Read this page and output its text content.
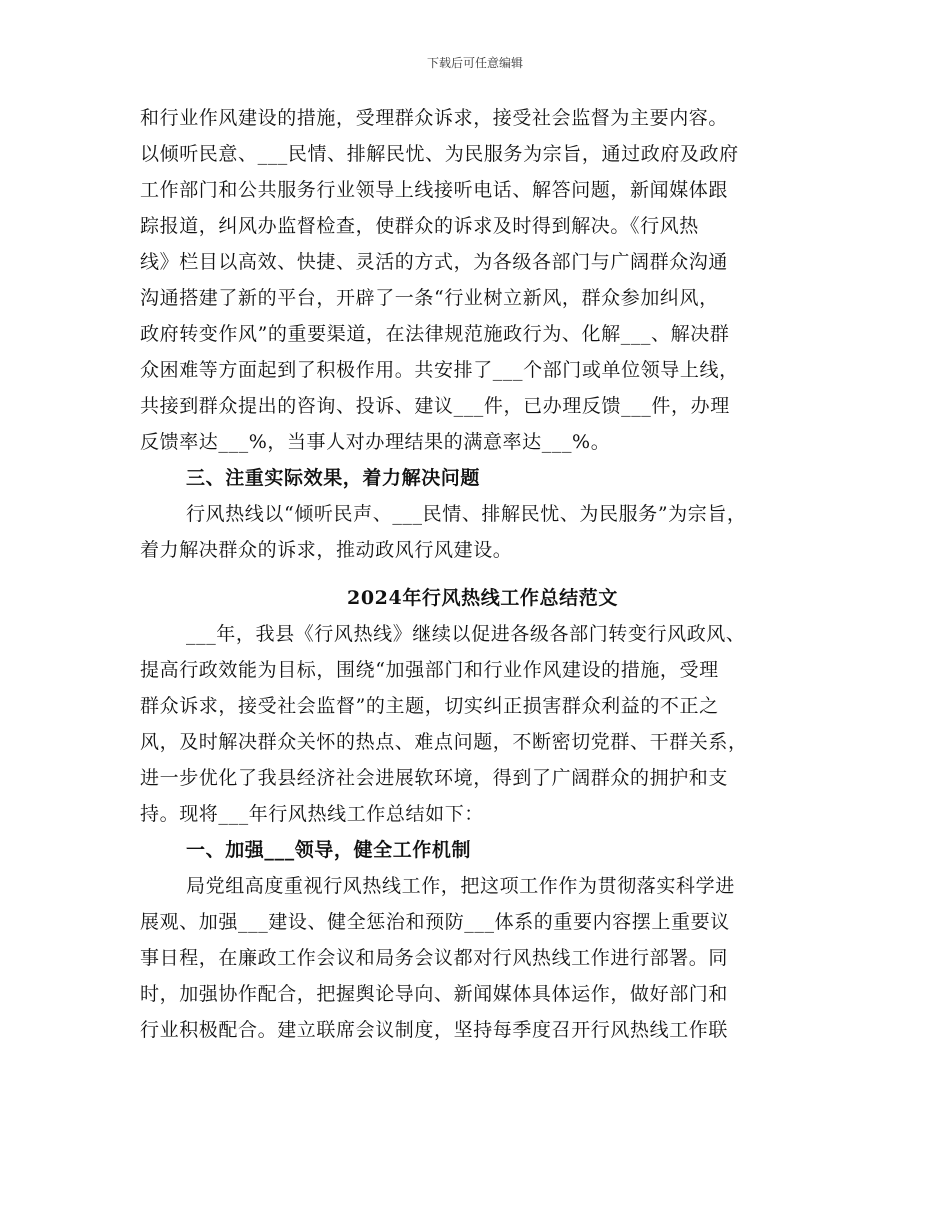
下载后可任意编辑
和行业作风建设的措施，受理群众诉求，接受社会监督为主要内容。
以倾听民意、___民情、排解民忧、为民服务为宗旨，通过政府及政府
工作部门和公共服务行业领导上线接听电话、解答问题，新闻媒体跟
踪报道，纠风办监督检查，使群众的诉求及时得到解决。《行风热
线》栏目以高效、快捷、灵活的方式，为各级各部门与广阔群众沟通
沟通搭建了新的平台，开辟了一条“行业树立新风，群众参加纠风，
政府转变作风”的重要渠道，在法律规范施政行为、化解___、解决群
众困难等方面起到了积极作用。共安排了___个部门或单位领导上线，
共接到群众提出的咨询、投诉、建议___件，已办理反馈___件，办理
反馈率达___%，当事人对办理结果的满意率达___%。
三、注重实际效果，着力解决问题
行风热线以“倾听民声、___民情、排解民忧、为民服务”为宗旨，
着力解决群众的诉求，推动政风行风建设。
2024年行风热线工作总结范文
___年，我县《行风热线》继续以促进各级各部门转变行风政风、
提高行政效能为目标，围绕“加强部门和行业作风建设的措施，受理
群众诉求，接受社会监督”的主题，切实纠正损害群众利益的不正之
风，及时解决群众关怀的热点、难点问题，不断密切党群、干群关系，
进一步优化了我县经济社会进展软环境，得到了广阔群众的拥护和支
持。现将___年行风热线工作总结如下：
一、加强___领导，健全工作机制
局党组高度重视行风热线工作，把这项工作作为贯彻落实科学进
展观、加强___建设、健全惩治和预防___体系的重要内容摆上重要议
事日程，在廉政工作会议和局务会议都对行风热线工作进行部署。同
时，加强协作配合，把握舆论导向、新闻媒体具体运作，做好部门和
行业积极配合。建立联席会议制度，坚持每季度召开行风热线工作联
